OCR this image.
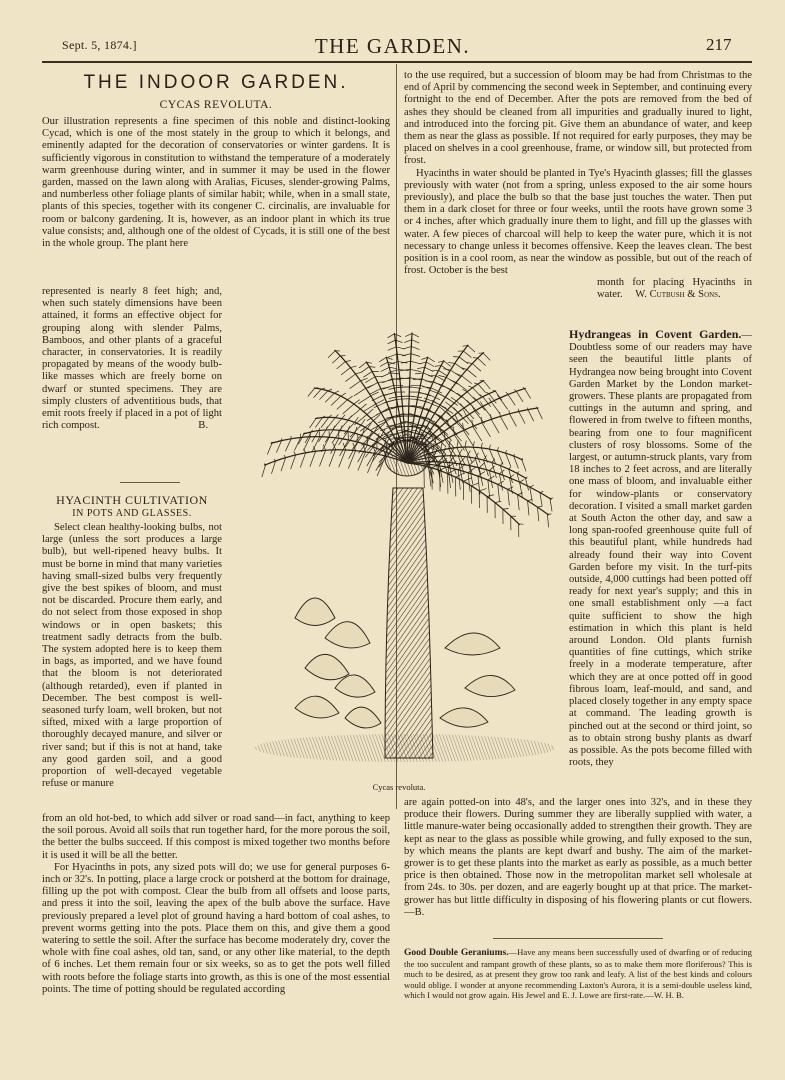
THE GARDEN.
Sept. 5, 1874.]	217
THE INDOOR GARDEN.
CYCAS REVOLUTA.

Our illustration represents a fine specimen of this noble and distinct-looking Cycad, which is one of the most stately in the group to which it belongs, and eminently adapted for the decoration of conservatories or winter gardens. It is sufficiently vigorous in constitution to withstand the temperature of a moderately warm greenhouse during winter, and in summer it may be used in the flower garden, massed on the lawn along with Aralias, Ficuses, slender-growing Palms, and numberless other foliage plants of similar habit; while, when in a small state, plants of this species, together with its congener C. circinalis, are invaluable for room or balcony gardening. It is, however, as an indoor plant in which its true value consists; and, although one of the oldest of Cycads, it is still one of the best in the whole group. The plant here

represented is nearly 8 feet high; and, when such stately dimensions have been attained, it forms an effective object for grouping along with slender Palms, Bamboos, and other plants of a graceful character, in conservatories. It is readily propagated by means of the woody bulb-like masses which are freely borne on dwarf or stunted specimens. They are simply clusters of adventitious buds, that emit roots freely if placed in a pot of light rich compost.	B.
HYACINTH CULTIVATION
IN POTS AND GLASSES.

Select clean healthy-looking bulbs, not large (unless the sort produces a large bulb), but well-ripened heavy bulbs. It must be borne in mind that many varieties having small-sized bulbs very frequently give the best spikes of bloom, and must not be discarded. Procure them early, and do not select from those exposed in shop windows or in open baskets; this treatment sadly detracts from the bulb. The system adopted here is to keep them in bags, as imported, and we have found that the bloom is not deteriorated (although retarded), even if planted in December. The best compost is well-seasoned turfy loam, well broken, but not sifted, mixed with a large proportion of thoroughly decayed manure, and silver or river sand; but if this is not at hand, take any good garden soil, and a good proportion of well-decayed vegetable refuse or manure

from an old hot-bed, to which add silver or road sand—in fact, anything to keep the soil porous. Avoid all soils that run together hard, for the more porous the soil, the better the bulbs succeed. If this compost is mixed together two months before it is used it will be all the better.

For Hyacinths in pots, any sized pots will do; we use for general purposes 6-inch or 32's. In potting, place a large crock or potsherd at the bottom for drainage, filling up the pot with compost. Clear the bulb from all offsets and loose parts, and press it into the soil, leaving the apex of the bulb above the surface. Have previously prepared a level plot of ground having a hard bottom of coal ashes, to prevent worms getting into the pots. Place them on this, and give them a good watering to settle the soil. After the surface has become moderately dry, cover the whole with fine coal ashes, old tan, sand, or any other like material, to the depth of 6 inches. Let them remain four or six weeks, so as to get the pots well filled with roots before the foliage starts into growth, as this is one of the most essential points. The time of potting should be regulated according

Cycas revoluta.

to the use required, but a succession of bloom may be had from Christmas to the end of April by commencing the second week in September, and continuing every fortnight to the end of December. After the pots are removed from the bed of ashes they should be cleaned from all impurities and gradually inured to light, and introduced into the forcing pit. Give them an abundance of water, and keep them as near the glass as possible. If not required for early purposes, they may be placed on shelves in a cool greenhouse, frame, or window sill, but protected from frost.

Hyacinths in water should be planted in Tye's Hyacinth glasses; fill the glasses previously with water (not from a spring, unless exposed to the air some hours previously), and place the bulb so that the base just touches the water. Then put them in a dark closet for three or four weeks, until the roots have grown some 3 or 4 inches, after which gradually inure them to light, and fill up the glasses with water. A few pieces of charcoal will help to keep the water pure, which it is not necessary to change unless it becomes offensive. Keep the leaves clean. The best position is in a cool room, as near the window as possible, but out of the reach of frost. October is the best

month for placing Hyacinths in water. W. Cutbush & Sons.
Hydrangeas in Covent Garden.—Doubtless some of our readers may have seen the beautiful little plants of Hydrangea now being brought into Covent Garden Market by the London market-growers. These plants are propagated from cuttings in the autumn and spring, and flowered in from twelve to fifteen months, bearing from one to four magnificent clusters of rosy blossoms. Some of the largest, or autumn-struck plants, vary from 18 inches to 2 feet across, and are literally one mass of bloom, and invaluable either for window-plants or conservatory decoration. I visited a small market garden at South Acton the other day, and saw a long span-roofed greenhouse quite full of this beautiful plant, while hundreds had already found their way into Covent Garden before my visit. In the turf-pits outside, 4,000 cuttings had been potted off ready for next year's supply; and this in one small establishment only —a fact quite sufficient to show the high estimation in which this plant is held around London. Old plants furnish quantities of fine cuttings, which strike freely in a moderate temperature, after which they are at once potted off in good fibrous loam, leaf-mould, and sand, and placed closely together in any empty space at command. The leading growth is pinched out at the second or third joint, so as to obtain strong bushy plants as dwarf as possible. As the pots become filled with roots, they

are again potted-on into 48's, and the larger ones into 32's, and in these they produce their flowers. During summer they are liberally supplied with water, a little manure-water being occasionally added to strengthen their growth. They are kept as near to the glass as possible while growing, and fully exposed to the sun, by which means the plants are kept dwarf and bushy. The aim of the market-grower is to get these plants into the market as early as possible, as a much better price is then obtained. Those now in the metropolitan market sell wholesale at from 24s. to 30s. per dozen, and are eagerly bought up at that price. The market-grower has but little difficulty in disposing of his flowering plants or cut flowers.—B.

Good Double Geraniums.—Have any means been successfully used of dwarfing or of reducing the too succulent and rampant growth of these plants, so as to make them more floriferous? This is much to be desired, as at present they grow too rank and leafy. A list of the best kinds and colours would oblige. I wonder at anyone recommending Laxton's Aurora, it is a semi-double useless kind, which I would not grow again. His Jewel and E. J. Lowe are first-rate.—W. H. B.
